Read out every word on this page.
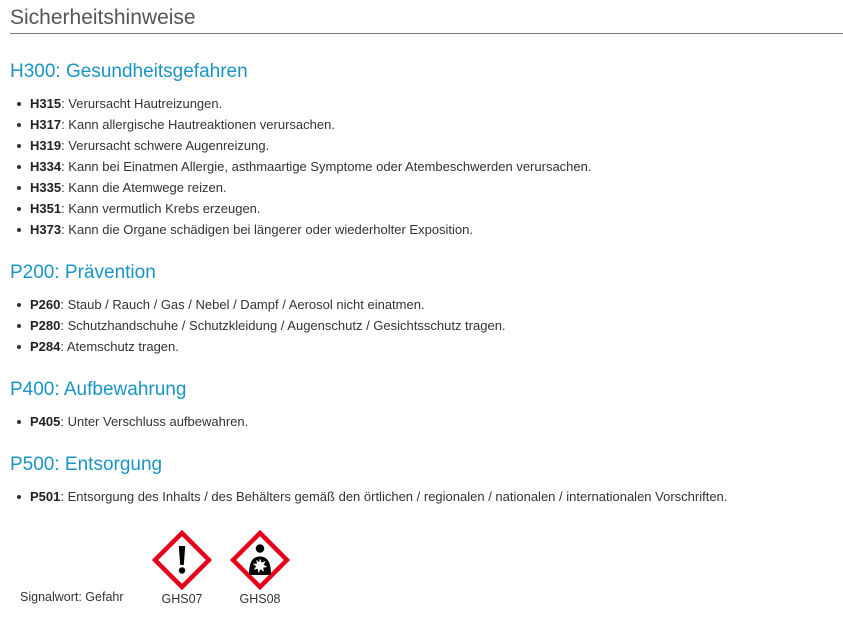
Sicherheitshinweise
H300: Gesundheitsgefahren
H315: Verursacht Hautreizungen.
H317: Kann allergische Hautreaktionen verursachen.
H319: Verursacht schwere Augenreizung.
H334: Kann bei Einatmen Allergie, asthmaartige Symptome oder Atembeschwerden verursachen.
H335: Kann die Atemwege reizen.
H351: Kann vermutlich Krebs erzeugen.
H373: Kann die Organe schädigen bei längerer oder wiederholter Exposition.
P200: Prävention
P260: Staub / Rauch / Gas / Nebel / Dampf / Aerosol nicht einatmen.
P280: Schutzhandschuhe / Schutzkleidung / Augenschutz / Gesichtsschutz tragen.
P284: Atemschutz tragen.
P400: Aufbewahrung
P405: Unter Verschluss aufbewahren.
P500: Entsorgung
P501: Entsorgung des Inhalts / des Behälters gemäß den örtlichen / regionalen / nationalen / internationalen Vorschriften.
Signalwort: Gefahr	GHS07	GHS08
